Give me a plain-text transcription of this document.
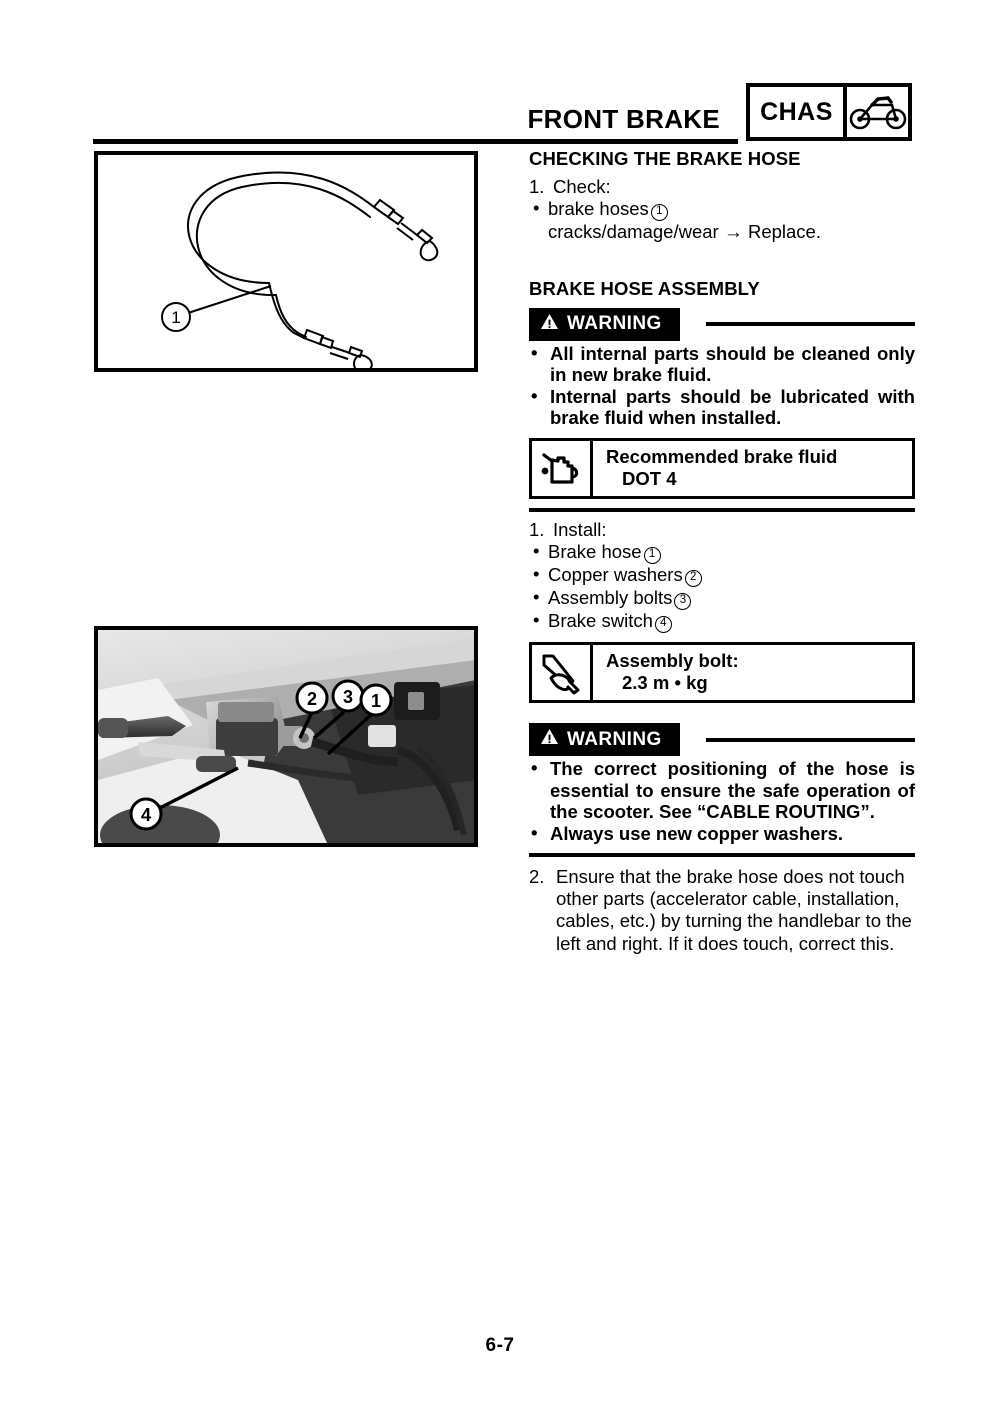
FRONT BRAKE	CHAS
1
2 3 1
4
CHECKING THE BRAKE HOSE
1. Check:
• brake hoses 1
cracks/damage/wear → Replace.
BRAKE HOSE ASSEMBLY
WARNING
• All internal parts should be cleaned only
in new brake fluid.
• Internal parts should be lubricated with
brake fluid when installed.
Recommended brake fluid
DOT 4
1. Install:
• Brake hose 1
• Copper washers 2
• Assembly bolts 3
• Brake switch 4
Assembly bolt:
2.3 m • kg
WARNING
• The correct positioning of the hose is
essential to ensure the safe operation of
the scooter. See “CABLE ROUTING”.
• Always use new copper washers.
2. Ensure that the brake hose does not touch other parts (accelerator cable, installation, cables, etc.) by turning the handlebar to the left and right. If it does touch, correct this.
6-7
